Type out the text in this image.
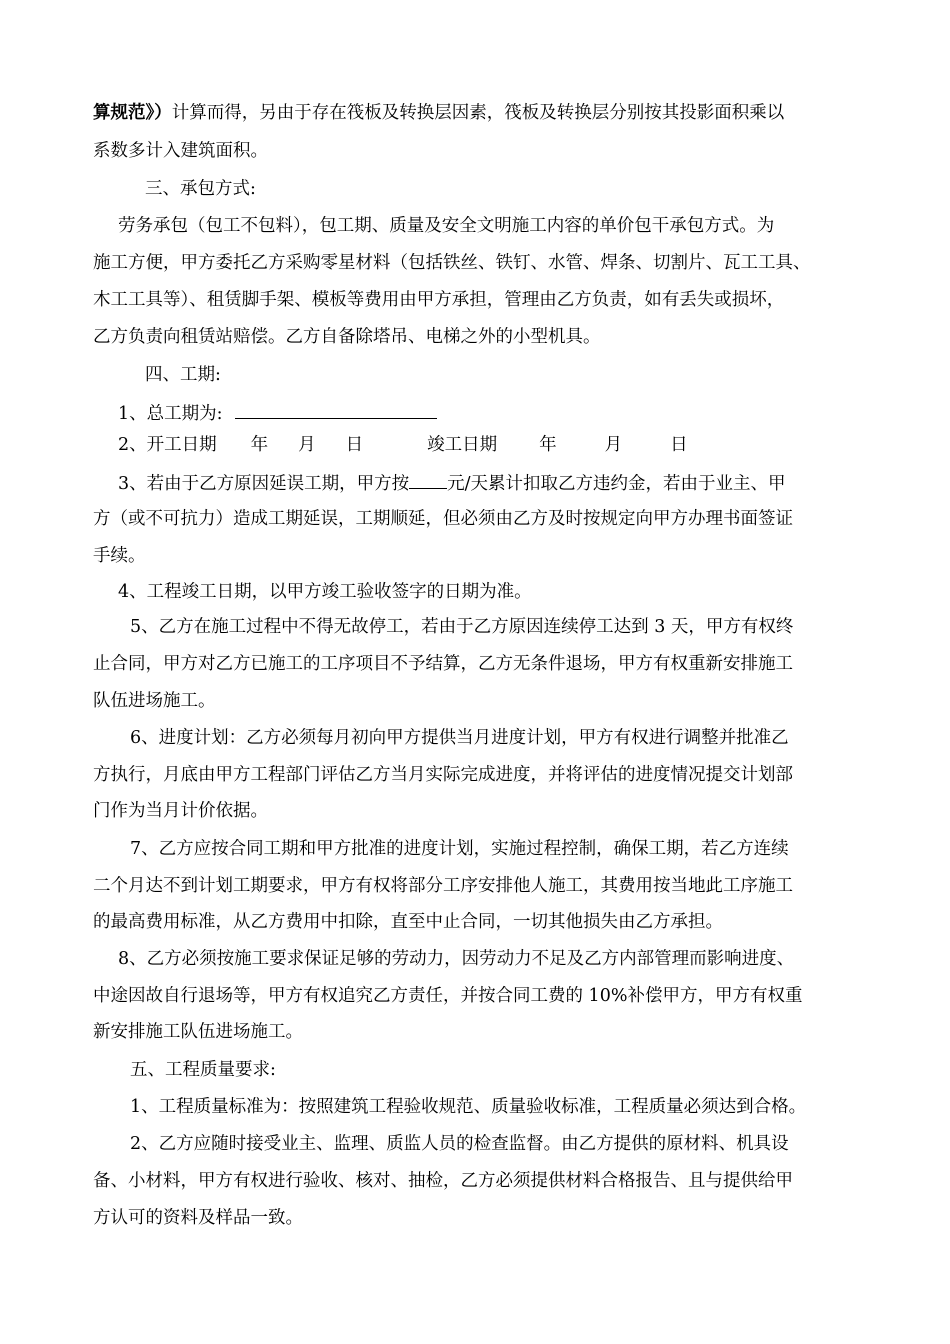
算规范》）计算而得，另由于存在筏板及转换层因素，筏板及转换层分别按其投影面积乘以
系数多计入建筑面积。
三、承包方式:
劳务承包（包工不包料），包工期、质量及安全文明施工内容的单价包干承包方式。为
施工方便，甲方委托乙方采购零星材料（包括铁丝、铁钉、水管、焊条、切割片、瓦工工具、
木工工具等）、租赁脚手架、模板等费用由甲方承担，管理由乙方负责，如有丢失或损坏，
乙方负责向租赁站赔偿。乙方自备除塔吊、电梯之外的小型机具。
四、工期:
1、总工期为:
2、开工日期 年 月 日	竣工日期 年	月	日
3、若由于乙方原因延误工期，甲方按 元/天累计扣取乙方违约金，若由于业主、甲
方（或不可抗力）造成工期延误，工期顺延，但必须由乙方及时按规定向甲方办理书面签证
手续。
4、工程竣工日期，以甲方竣工验收签字的日期为准。
5、乙方在施工过程中不得无故停工，若由于乙方原因连续停工达到 3 天，甲方有权终
止合同，甲方对乙方已施工的工序项目不予结算，乙方无条件退场，甲方有权重新安排施工
队伍进场施工。
6、进度计划：乙方必须每月初向甲方提供当月进度计划，甲方有权进行调整并批准乙
方执行，月底由甲方工程部门评估乙方当月实际完成进度，并将评估的进度情况提交计划部
门作为当月计价依据。
7、乙方应按合同工期和甲方批准的进度计划，实施过程控制，确保工期，若乙方连续
二个月达不到计划工期要求，甲方有权将部分工序安排他人施工，其费用按当地此工序施工
的最高费用标准，从乙方费用中扣除，直至中止合同，一切其他损失由乙方承担。
8、乙方必须按施工要求保证足够的劳动力，因劳动力不足及乙方内部管理而影响进度、
中途因故自行退场等，甲方有权追究乙方责任，并按合同工费的 10%补偿甲方，甲方有权重
新安排施工队伍进场施工。
五、工程质量要求:
1、工程质量标准为：按照建筑工程验收规范、质量验收标准，工程质量必须达到合格。
2、乙方应随时接受业主、监理、质监人员的检查监督。由乙方提供的原材料、机具设
备、小材料，甲方有权进行验收、核对、抽检，乙方必须提供材料合格报告、且与提供给甲
方认可的资料及样品一致。
